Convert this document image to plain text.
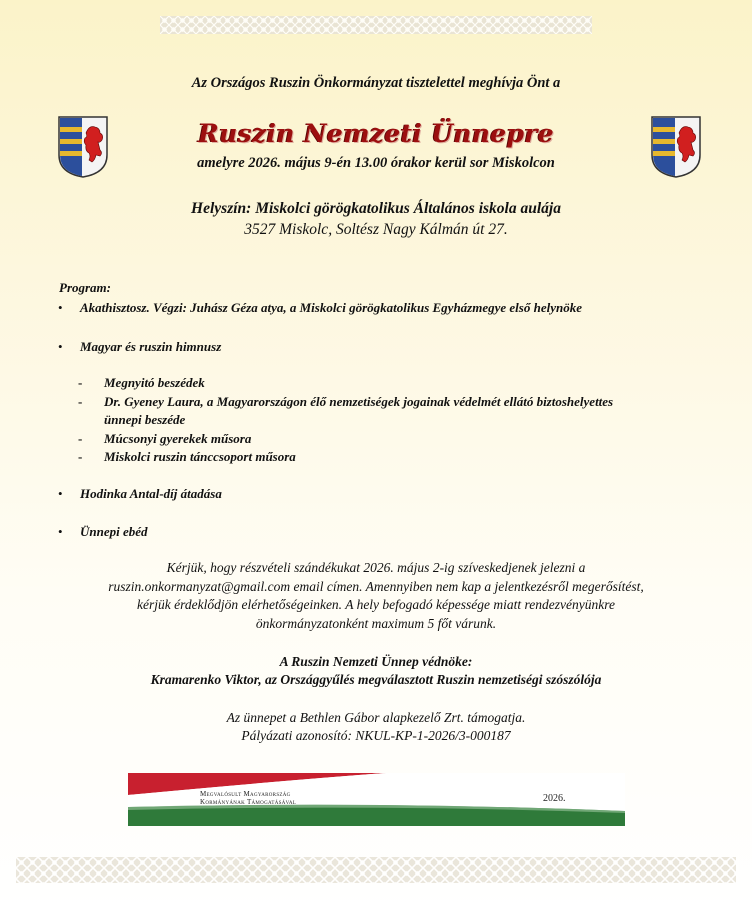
Az Országos Ruszin Önkormányzat tisztelettel meghívja Önt a
Ruszin Nemzeti Ünnepre
amelyre 2026. május 9-én 13.00 órakor kerül sor Miskolcon
Helyszín: Miskolci görögkatolikus Általános iskola aulája
3527 Miskolc, Soltész Nagy Kálmán út 27.
Program:
• Akathisztosz. Végzi: Juhász Géza atya, a Miskolci görögkatolikus Egyházmegye első helynöke
• Magyar és ruszin himnusz
- Megnyitó beszédek
- Dr. Gyeney Laura, a Magyarországon élő nemzetiségek jogainak védelmét ellátó biztoshelyettes
ünnepi beszéde
- Múcsonyi gyerekek műsora
- Miskolci ruszin tánccsoport műsora
• Hodinka Antal-díj átadása
• Ünnepi ebéd
Kérjük, hogy részvételi szándékukat 2026. május 2-ig szíveskedjenek jelezni a
ruszin.onkormanyzat@gmail.com email címen. Amennyiben nem kap a jelentkezésről megerősítést,
kérjük érdeklődjön elérhetőségeinken. A hely befogadó képessége miatt rendezvényünkre
önkormányzatonként maximum 5 főt várunk.
A Ruszin Nemzeti Ünnep védnöke:
Kramarenko Viktor, az Országgyűlés megválasztott Ruszin nemzetiségi szószólója
Az ünnepet a Bethlen Gábor alapkezelő Zrt. támogatja.
Pályázati azonosító: NKUL-KP-1-2026/3-000187
Megvalósult Magyarország
Kormányának Támogatásával	2026.
